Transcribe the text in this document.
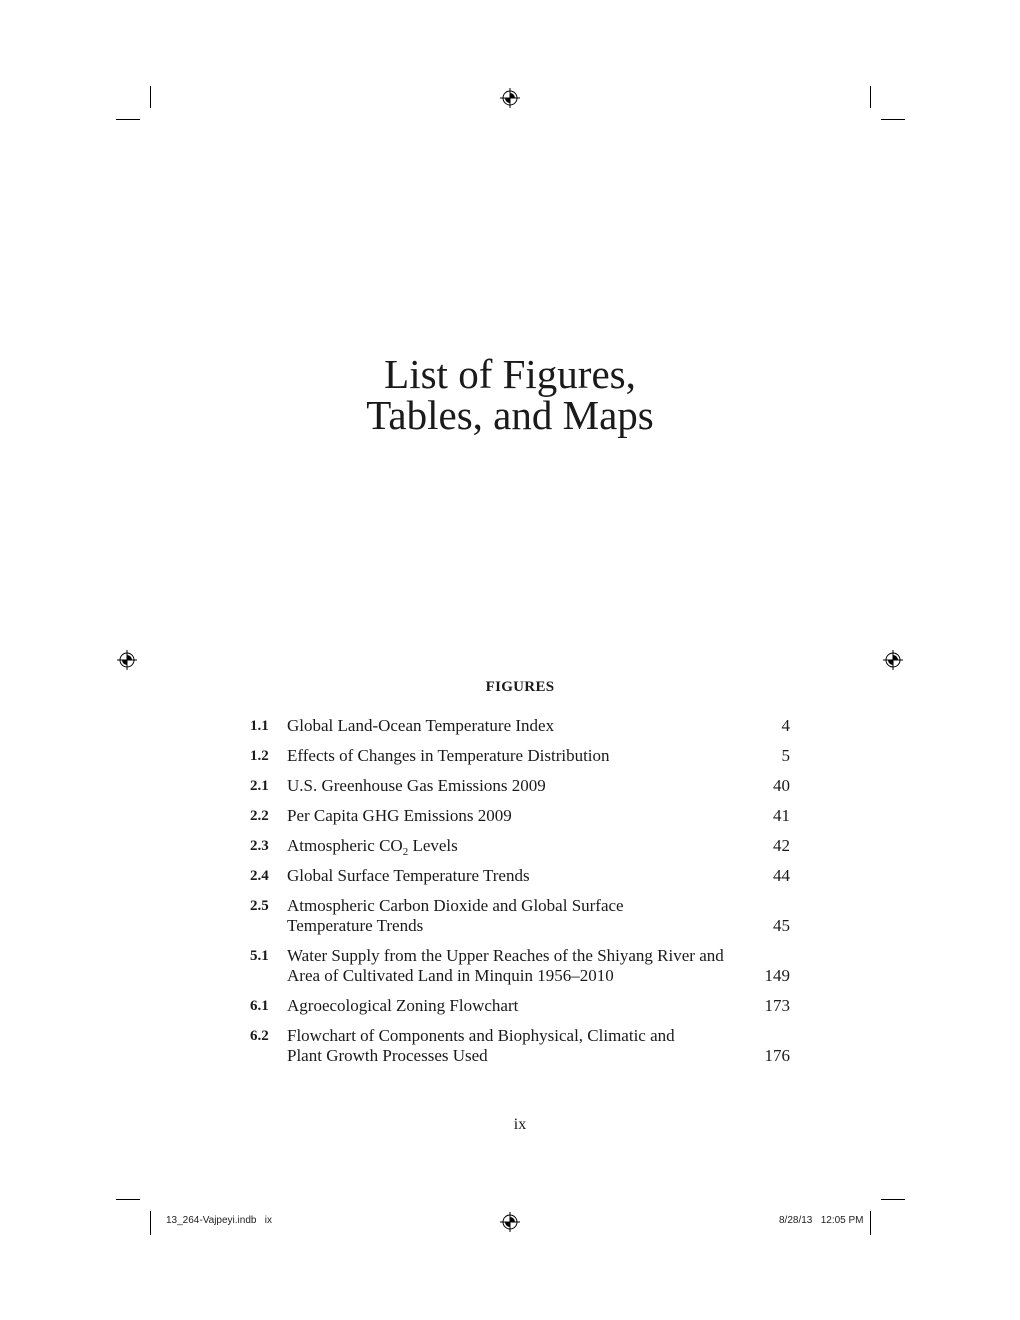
List of Figures,
Tables, and Maps
FIGURES
1.1 Global Land-Ocean Temperature Index	4
1.2 Effects of Changes in Temperature Distribution	5
2.1 U.S. Greenhouse Gas Emissions 2009	40
2.2 Per Capita GHG Emissions 2009	41
2.3 Atmospheric $CO_2$ Levels	42
2.4 Global Surface Temperature Trends	44
2.5 Atmospheric Carbon Dioxide and Global Surface Temperature Trends	45
5.1 Water Supply from the Upper Reaches of the Shiyang River and Area of Cultivated Land in Minquin 1956–2010	149
6.1 Agroecological Zoning Flowchart	173
6.2 Flowchart of Components and Biophysical, Climatic and Plant Growth Processes Used	176
ix
13_264-Vajpeyi.indb   ix	8/28/13   12:05 PM
